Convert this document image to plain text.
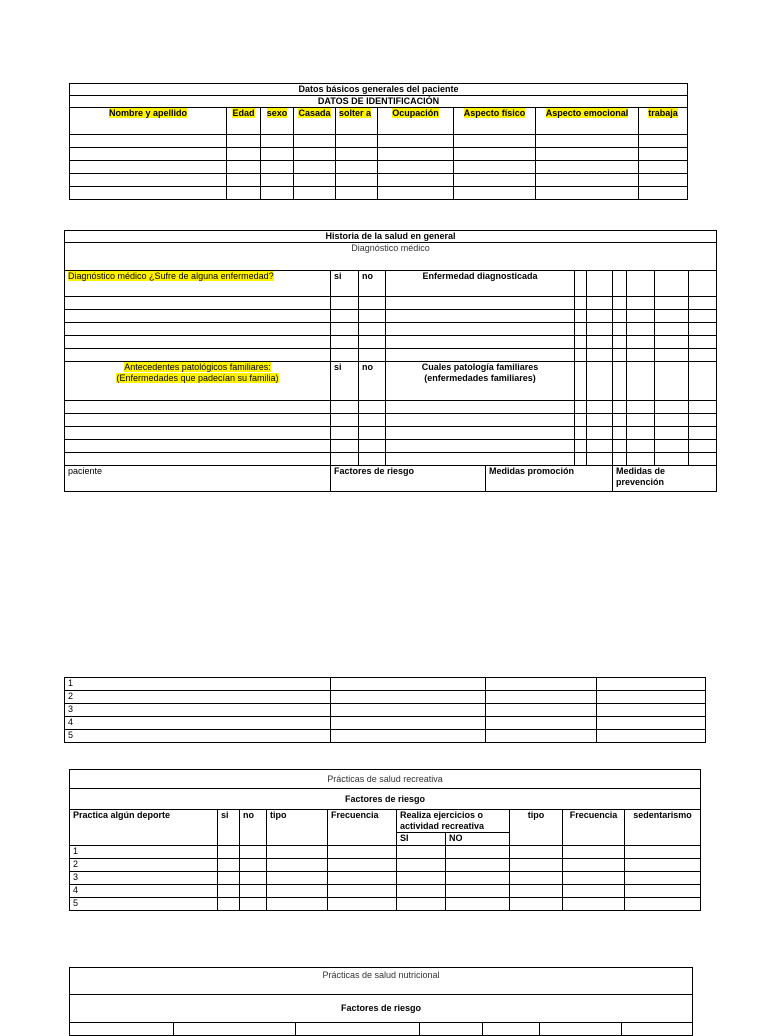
Datos básicos generales del paciente								
DATOS DE IDENTIFICACIÓN								
Nombre y apellido	Edad	sexo	Casada	solter a	Ocupación	Aspecto físico	Aspecto emocional	trabaja

Historia de la salud en general										
Diagnóstico médico										
Diagnóstico médico ¿Sufre de alguna enfermedad?	si	no	Enfermedad diagnosticada							

Antecedentes patológicos familiares:
(Enfermedades que padecían su familia)	si	no	Cuales patología familiares
(enfermedades familiares)							

paciente	Factores de riesgo			Medidas promoción			Medidas de prevención			
1			
2			
3			
4			
5			
Prácticas de salud recreativa									
Factores de riesgo									
Practica algún deporte	si	no	tipo	Frecuencia	Realiza ejercicios o actividad recreativa		tipo	Frecuencia	sedentarismo
					SI	NO			
1									
2									
3									
4									
5									
Prácticas de salud nutricional
Factores de riesgo
